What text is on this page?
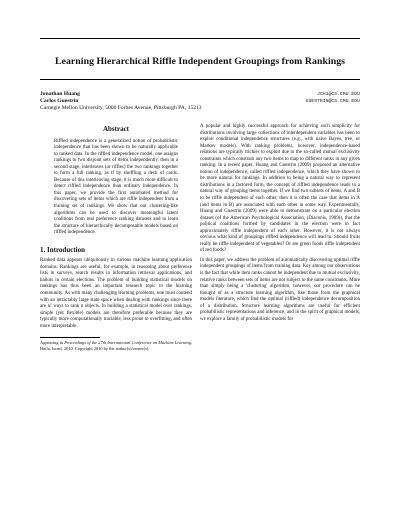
Learning Hierarchical Riffle Independent Groupings from Rankings
Jonathan Huang	JCH1@CS.CMU.EDU
Carlos Guestrin	GUESTRIN@CS.CMU.EDU
Carnegie Mellon University, 5000 Forbes Avenue, Pittsburgh PA, 15213
Abstract

Riffled independence is a generalized notion of probabilistic independence that has been shown to be naturally applicable to ranked data. In the riffled independence model, one assigns rankings to two disjoint sets of items independently, then in a second stage, interleaves (or riffles) the two rankings together to form a full ranking, as if by shuffling a deck of cards. Because of this interleaving stage, it is much more difficult to detect riffled independence than ordinary independence. In this paper, we provide the first automated method for discovering sets of items which are riffle independent from a training set of rankings. We show that our clustering-like algorithms can be used to discover meaningful latent coalitions from real preference ranking datasets and to learn the structure of hierarchically decomposable models based on riffled independence.

1. Introduction

Ranked data appears ubiquitously in various machine learning application domains. Rankings are useful, for example, in reasoning about preference lists in surveys, search results in information retrieval applications, and ballots in certain elections. The problem of building statistical models on rankings has thus been an important research topic in the learning community. As with many challenging learning problems, one must contend with an intractably large state space when dealing with rankings since there are n! ways to rank n objects. In building a statistical model over rankings, simple (yet flexible) models are therefore preferable because they are typically more computationally tractable, less prone to overfitting, and often more interpretable.

Appearing in Proceedings of the 27th International Conference on Machine Learning, Haifa, Israel, 2010. Copyright 2010 by the author(s)/owner(s).

A popular and highly successful approach for achieving such simplicity for distributions involving large collections of interdependent variables has been to exploit conditional independence structures (e.g., with naive Bayes, tree, or Markov models). With ranking problems, however, independence-based relations are typically trickier to exploit due to the so-called mutual exclusivity constraints which constrain any two items to map to different ranks in any given ranking. In a recent paper, Huang and Guestrin (2009) proposed an alternative notion of independence, called riffled independence, which they have shown to be more natural for rankings. In addition to being a natural way to represent distributions in a factored form, the concept of riffled independence leads to a natural way of grouping items together. If we find two subsets of items, A and B to be riffle independent of each other, then it is often the case that items in A (and items in B) are associated with each other in some way. Experimentally, Huang and Guestrin (2009) were able to demonstrate on a particular election dataset (of the American Psychological Association, (Diaconis, 1989)), that the political coalitions formed by candidates in the election were in fact approximately riffle independent of each other. However, it is not always obvious what kind of groupings riffled independence will lead to. Should fruits really be riffle independent of vegetables? Or are green foods riffle independent of red foods?

In this paper, we address the problem of automatically discovering optimal riffle independent groupings of items from training data. Key among our observations is the fact that while item ranks cannot be independent due to mutual exclusivity, relative ranks between sets of items are not subject to the same constraints. More than simply being a 'clustering' algorithm, however, our procedure can be thought of as a structure learning algorithm, like those from the graphical models literature, which find the optimal (riffled) independence decomposition of a distribution. Structure learning algorithms are useful for efficient probabilistic representations and inference, and in the spirit of graphical models, we explore a family of probabilistic models for
